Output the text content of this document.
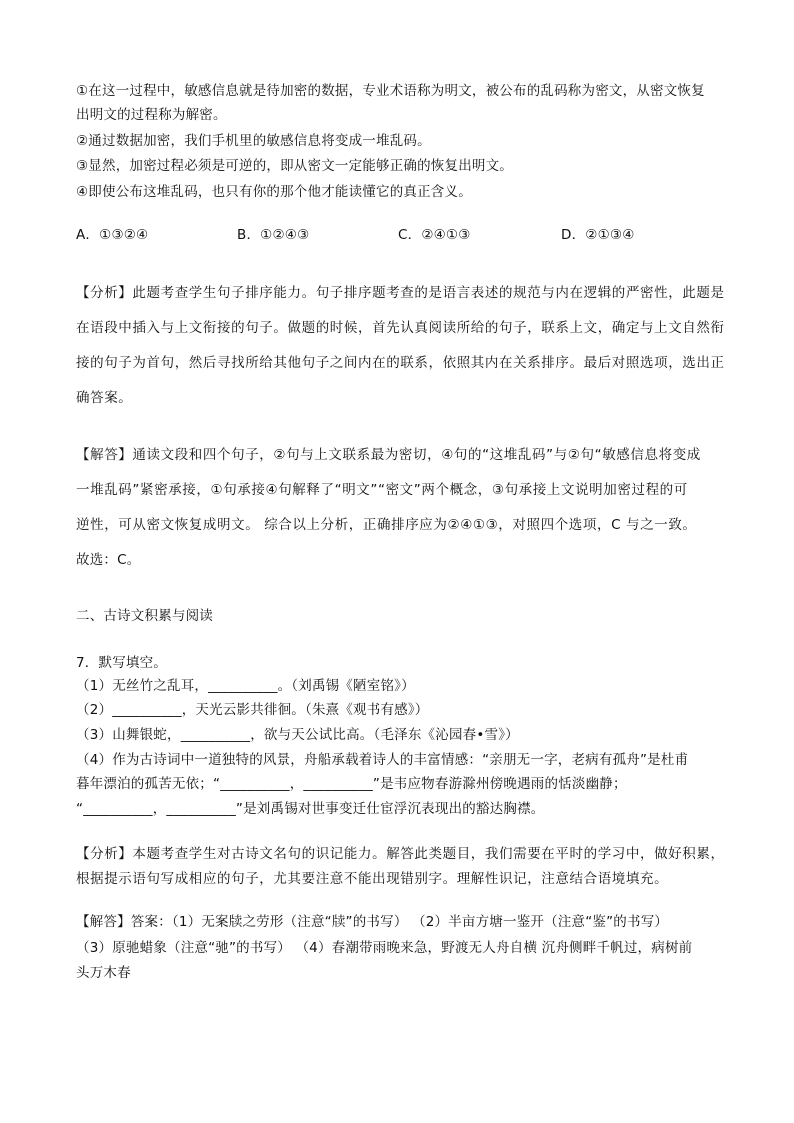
①在这一过程中，敏感信息就是待加密的数据，专业术语称为明文，被公布的乱码称为密文，从密文恢复
出明文的过程称为解密。
②通过数据加密，我们手机里的敏感信息将变成一堆乱码。
③显然，加密过程必须是可逆的，即从密文一定能够正确的恢复出明文。
④即使公布这堆乱码，也只有你的那个他才能读懂它的真正含义。
A．①③②④	B．①②④③	C．②④①③	D．②①③④
【分析】此题考查学生句子排序能力。句子排序题考查的是语言表述的规范与内在逻辑的严密性，此题是
在语段中插入与上文衔接的句子。做题的时候，首先认真阅读所给的句子，联系上文，确定与上文自然衔
接的句子为首句，然后寻找所给其他句子之间内在的联系，依照其内在关系排序。最后对照选项，选出正
确答案。
【解答】通读文段和四个句子，②句与上文联系最为密切，④句的“这堆乱码”与②句“敏感信息将变成
一堆乱码”紧密承接，①句承接④句解释了“明文”“密文”两个概念，③句承接上文说明加密过程的可
逆性，可从密文恢复成明文。 综合以上分析，正确排序应为②④①③，对照四个选项，C 与之一致。
故选：C。
二、古诗文积累与阅读
7．默写填空。
（1）无丝竹之乱耳，__________。（刘禹锡《陋室铭》）
（2）__________，天光云影共徘徊。（朱熹《观书有感》）
（3）山舞银蛇，__________，欲与天公试比高。（毛泽东《沁园春•雪》）
（4）作为古诗词中一道独特的风景，舟船承载着诗人的丰富情感：“亲朋无一字，老病有孤舟”是杜甫
暮年漂泊的孤苦无依；“__________，__________”是韦应物春游滁州傍晚遇雨的恬淡幽静；
“__________，__________”是刘禹锡对世事变迁仕宦浮沉表现出的豁达胸襟。
【分析】本题考查学生对古诗文名句的识记能力。解答此类题目，我们需要在平时的学习中，做好积累，
根据提示语句写成相应的句子，尤其要注意不能出现错别字。理解性识记，注意结合语境填充。
【解答】答案：（1）无案牍之劳形（注意“牍”的书写） （2）半亩方塘一鉴开（注意“鉴”的书写）
（3）原驰蜡象（注意“驰”的书写） （4）春潮带雨晚来急，野渡无人舟自横 沉舟侧畔千帆过，病树前
头万木春
